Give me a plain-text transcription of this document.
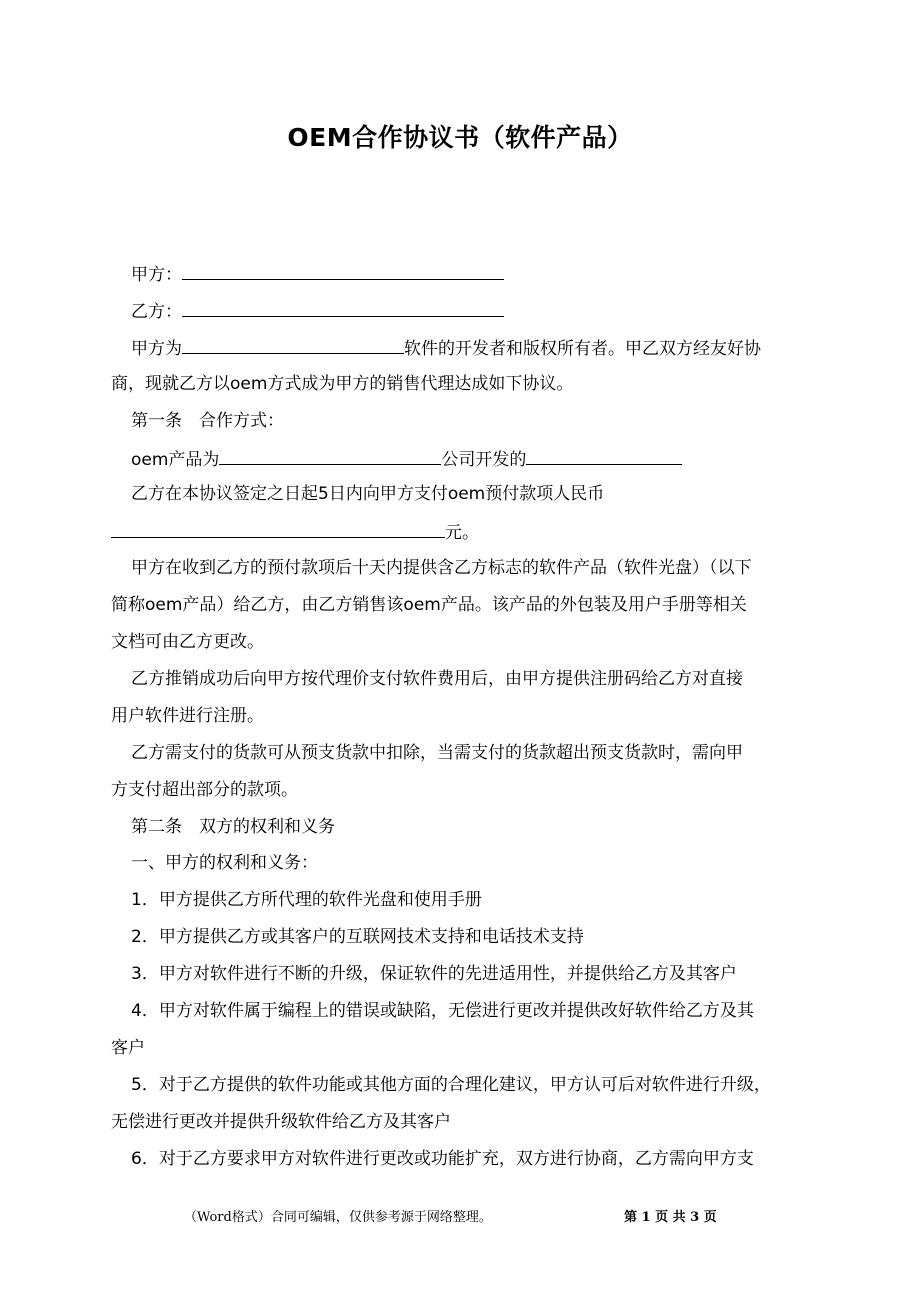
OEM合作协议书（软件产品）
甲方：
乙方：
甲方为	软件的开发者和版权所有者。甲乙双方经友好协
商，现就乙方以oem方式成为甲方的销售代理达成如下协议。
第一条　合作方式：
oem产品为	公司开发的
乙方在本协议签定之日起5日内向甲方支付oem预付款项人民币
元。
甲方在收到乙方的预付款项后十天内提供含乙方标志的软件产品（软件光盘）（以下
简称oem产品）给乙方，由乙方销售该oem产品。该产品的外包装及用户手册等相关
文档可由乙方更改。
乙方推销成功后向甲方按代理价支付软件费用后，由甲方提供注册码给乙方对直接
用户软件进行注册。
乙方需支付的货款可从预支货款中扣除，当需支付的货款超出预支货款时，需向甲
方支付超出部分的款项。
第二条　双方的权利和义务
一、甲方的权利和义务：
1．甲方提供乙方所代理的软件光盘和使用手册
2．甲方提供乙方或其客户的互联网技术支持和电话技术支持
3．甲方对软件进行不断的升级，保证软件的先进适用性，并提供给乙方及其客户
4．甲方对软件属于编程上的错误或缺陷，无偿进行更改并提供改好软件给乙方及其
客户
5．对于乙方提供的软件功能或其他方面的合理化建议，甲方认可后对软件进行升级，
无偿进行更改并提供升级软件给乙方及其客户
6．对于乙方要求甲方对软件进行更改或功能扩充，双方进行协商，乙方需向甲方支
（Word格式）合同可编辑，仅供参考源于网络整理。	第 1 页 共 3 页
